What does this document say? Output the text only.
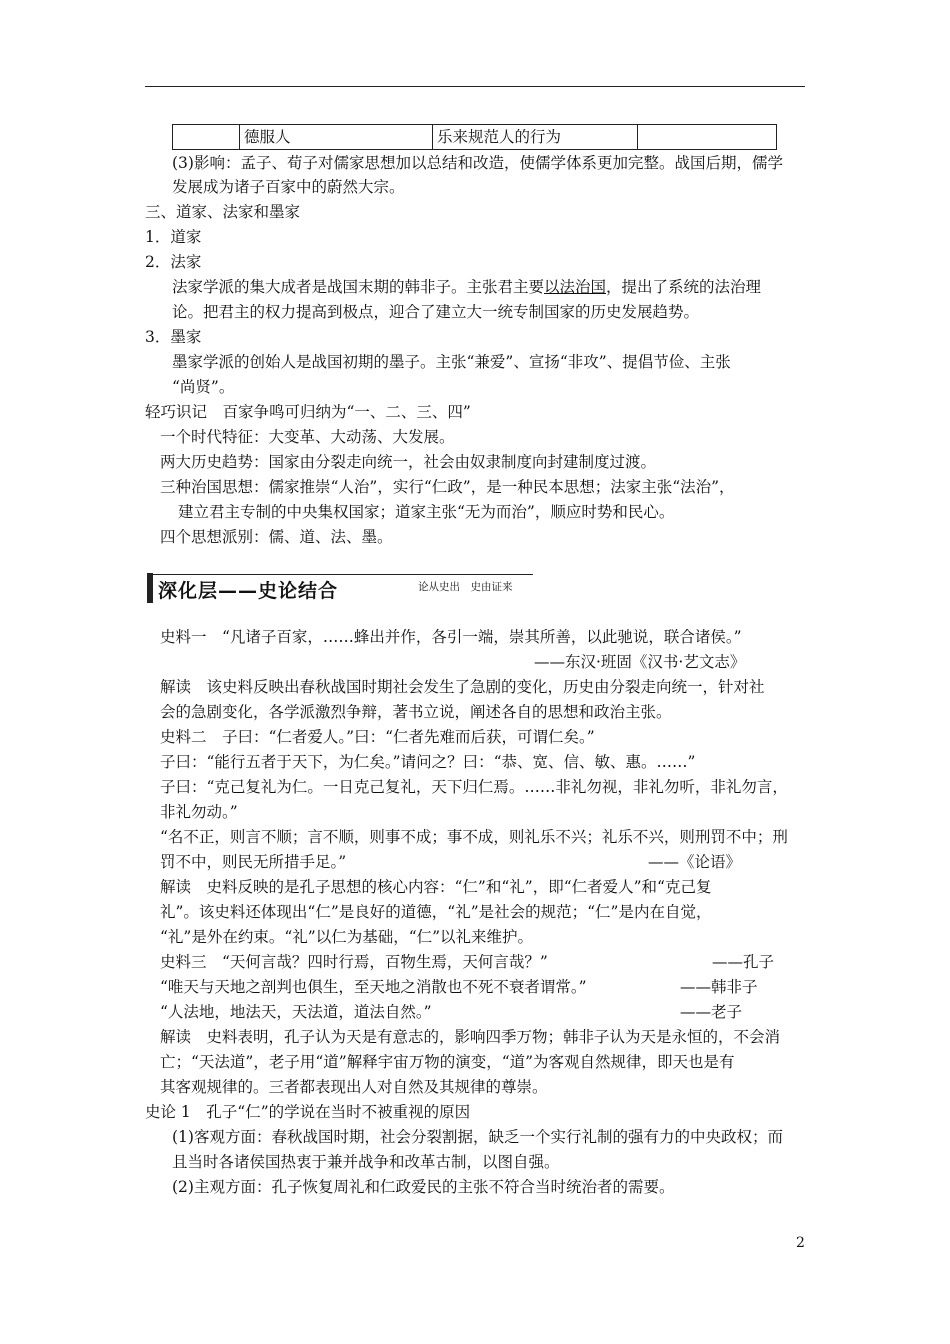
	德服人	乐来规范人的行为	
(3)影响：孟子、荀子对儒家思想加以总结和改造，使儒学体系更加完整。战国后期，儒学
发展成为诸子百家中的蔚然大宗。
三、道家、法家和墨家
1．道家
2．法家
法家学派的集大成者是战国末期的韩非子。主张君主要以法治国，提出了系统的法治理
论。把君主的权力提高到极点，迎合了建立大一统专制国家的历史发展趋势。
3．墨家
墨家学派的创始人是战国初期的墨子。主张“兼爱”、宣扬“非攻”、提倡节俭、主张
“尚贤”。
轻巧识记　百家争鸣可归纳为“一、二、三、四”
一个时代特征：大变革、大动荡、大发展。
两大历史趋势：国家由分裂走向统一，社会由奴隶制度向封建制度过渡。
三种治国思想：儒家推崇“人治”，实行“仁政”，是一种民本思想；法家主张“法治”，
建立君主专制的中央集权国家；道家主张“无为而治”，顺应时势和民心。
四个思想派别：儒、道、法、墨。
史料一　“凡诸子百家，……蜂出并作，各引一端，崇其所善，以此驰说，联合诸侯。”
——东汉·班固《汉书·艺文志》
解读　该史料反映出春秋战国时期社会发生了急剧的变化，历史由分裂走向统一，针对社
会的急剧变化，各学派激烈争辩，著书立说，阐述各自的思想和政治主张。
史料二　子曰：“仁者爱人。”曰：“仁者先难而后获，可谓仁矣。”
子曰：“能行五者于天下，为仁矣。”请问之？曰：“恭、宽、信、敏、惠。……”
子曰：“克己复礼为仁。一日克己复礼，天下归仁焉。……非礼勿视，非礼勿听，非礼勿言，
非礼勿动。”
“名不正，则言不顺；言不顺，则事不成；事不成，则礼乐不兴；礼乐不兴，则刑罚不中；刑
罚不中，则民无所措手足。”	——《论语》
解读　史料反映的是孔子思想的核心内容：“仁”和“礼”，即“仁者爱人”和“克己复
礼”。该史料还体现出“仁”是良好的道德，“礼”是社会的规范；“仁”是内在自觉，
“礼”是外在约束。“礼”以仁为基础，“仁”以礼来维护。
史料三　“天何言哉？四时行焉，百物生焉，天何言哉？”	——孔子
“唯天与天地之剖判也俱生，至天地之消散也不死不衰者谓常。”	——韩非子
“人法地，地法天，天法道，道法自然。”	——老子
解读　史料表明，孔子认为天是有意志的，影响四季万物；韩非子认为天是永恒的，不会消
亡；“天法道”，老子用“道”解释宇宙万物的演变，“道”为客观自然规律，即天也是有
其客观规律的。三者都表现出人对自然及其规律的尊崇。
史论 1　孔子“仁”的学说在当时不被重视的原因
(1)客观方面：春秋战国时期，社会分裂割据，缺乏一个实行礼制的强有力的中央政权；而
且当时各诸侯国热衷于兼并战争和改革古制，以图自强。
(2)主观方面：孔子恢复周礼和仁政爱民的主张不符合当时统治者的需要。
深化层——史论结合	论从史出　史由证来
2
